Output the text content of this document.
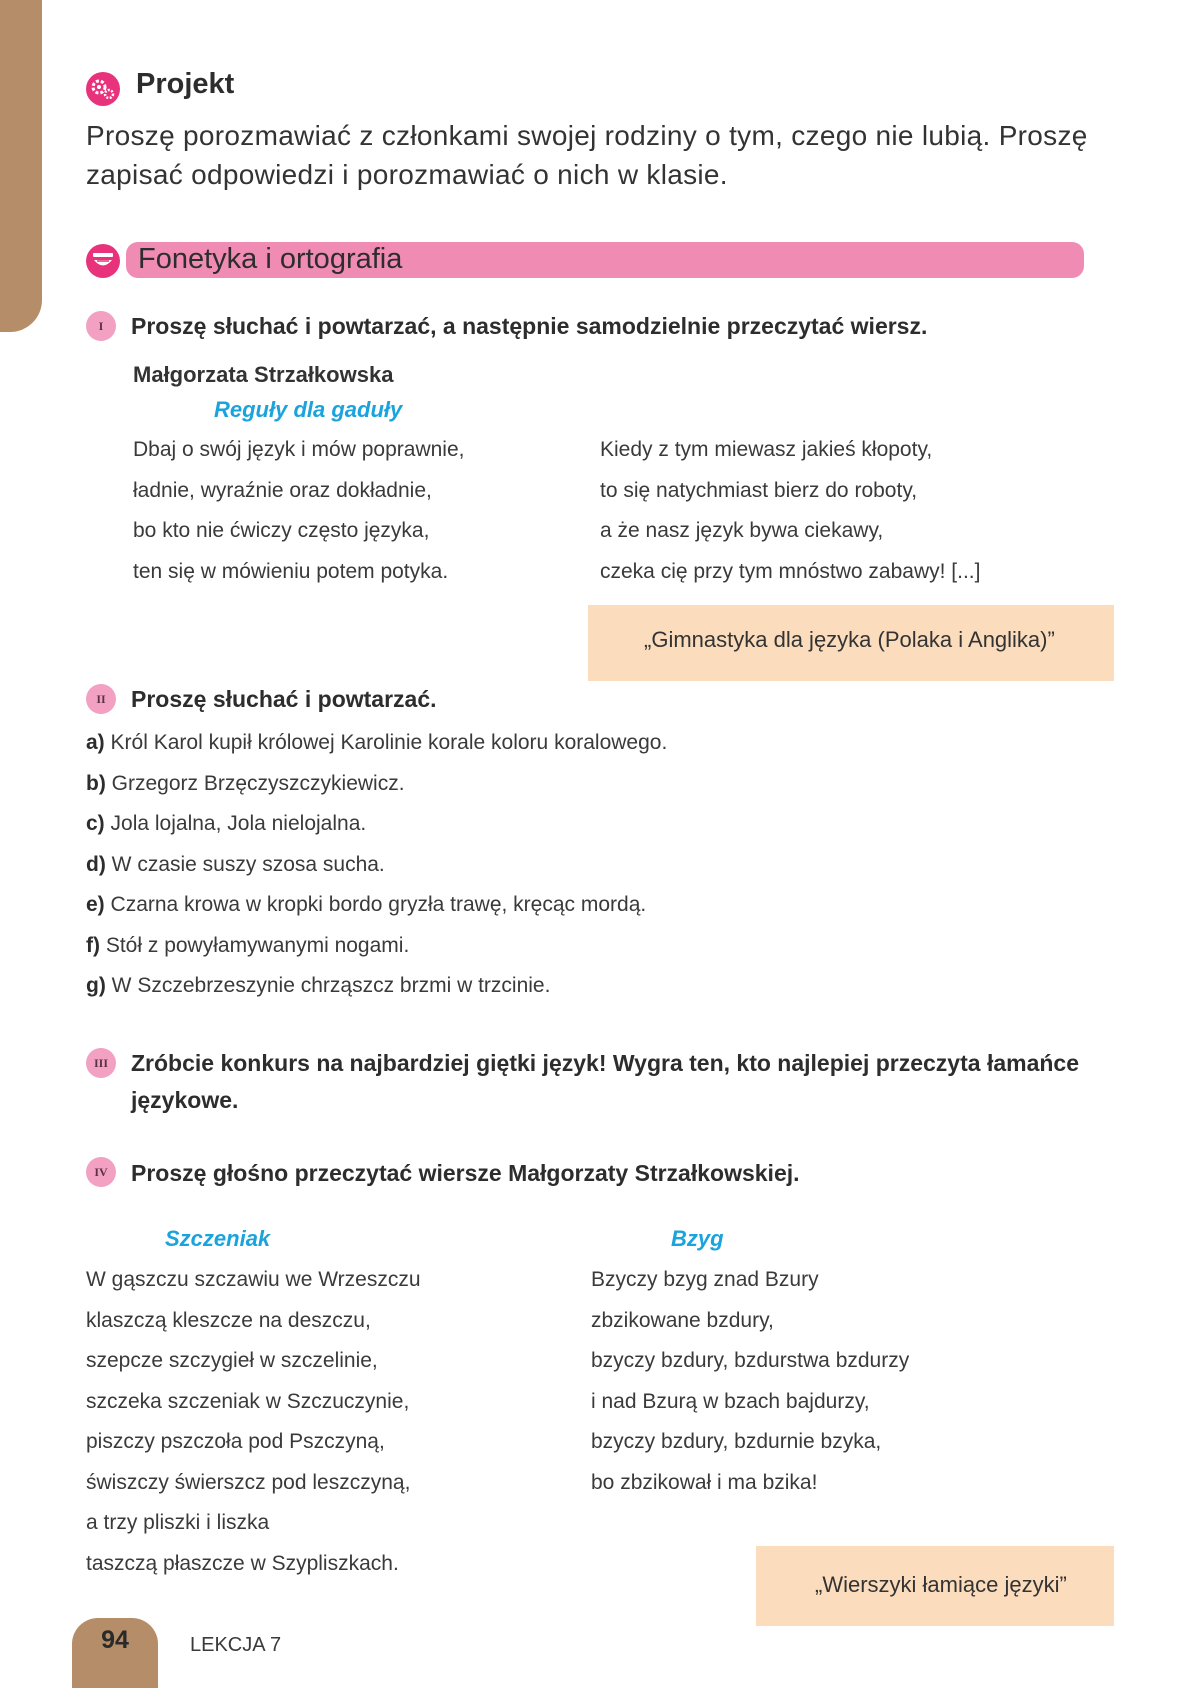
Projekt
Proszę porozmawiać z członkami swojej rodziny o tym, czego nie lubią. Proszę zapisać odpowiedzi i porozmawiać o nich w klasie.
Fonetyka i ortografia
I	Proszę słuchać i powtarzać, a następnie samodzielnie przeczytać wiersz.
Małgorzata Strzałkowska
Reguły dla gaduły
Dbaj o swój język i mów poprawnie,
ładnie, wyraźnie oraz dokładnie,
bo kto nie ćwiczy często języka,
ten się w mówieniu potem potyka.
Kiedy z tym miewasz jakieś kłopoty,
to się natychmiast bierz do roboty,
a że nasz język bywa ciekawy,
czeka cię przy tym mnóstwo zabawy! [...]
„Gimnastyka dla języka (Polaka i Anglika)”
II	Proszę słuchać i powtarzać.
a) Król Karol kupił królowej Karolinie korale koloru koralowego.
b) Grzegorz Brzęczyszczykiewicz.
c) Jola lojalna, Jola nielojalna.
d) W czasie suszy szosa sucha.
e) Czarna krowa w kropki bordo gryzła trawę, kręcąc mordą.
f) Stół z powyłamywanymi nogami.
g) W Szczebrzeszynie chrząszcz brzmi w trzcinie.
III	Zróbcie konkurs na najbardziej giętki język! Wygra ten, kto najlepiej przeczyta łamańce
językowe.
IV	Proszę głośno przeczytać wiersze Małgorzaty Strzałkowskiej.
Szczeniak
W gąszczu szczawiu we Wrzeszczu
klaszczą kleszcze na deszczu,
szepcze szczygieł w szczelinie,
szczeka szczeniak w Szczuczynie,
piszczy pszczoła pod Pszczyną,
świszczy świerszcz pod leszczyną,
a trzy pliszki i liszka
taszczą płaszcze w Szypliszkach.
Bzyg
Bzyczy bzyg znad Bzury
zbzikowane bzdury,
bzyczy bzdury, bzdurstwa bzdurzy
i nad Bzurą w bzach bajdurzy,
bzyczy bzdury, bzdurnie bzyka,
bo zbzikował i ma bzika!
„Wierszyki łamiące języki”
94	LEKCJA 7
